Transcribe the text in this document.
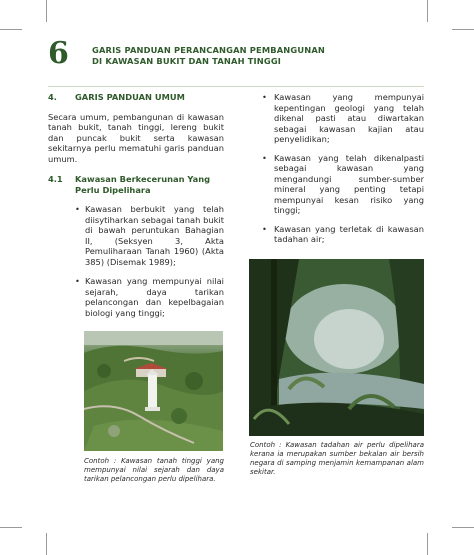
6	GARIS PANDUAN PERANCANGAN PEMBANGUNAN
DI KAWASAN BUKIT DAN TANAH TINGGI
4.	GARIS PANDUAN UMUM

Secara umum, pembangunan di kawasan tanah bukit, tanah tinggi, lereng bukit dan puncak bukit serta kawasan sekitarnya perlu mematuhi garis panduan umum.

4.1	Kawasan Berkecerunan Yang Perlu Dipelihara
• Kawasan berbukit yang telah diisytiharkan sebagai tanah bukit di bawah peruntukan Bahagian II, (Seksyen 3, Akta Pemuliharaan Tanah 1960) (Akta 385) (Disemak 1989);
• Kawasan yang mempunyai nilai sejarah, daya tarikan pelancongan dan kepelbagaian biologi yang tinggi;
Contoh : Kawasan tanah tinggi yang mempunyai nilai sejarah dan daya tarikan pelancongan perlu dipelihara.
• Kawasan yang mempunyai kepentingan geologi yang telah dikenal pasti atau diwartakan sebagai kawasan kajian atau penyelidikan;
• Kawasan yang telah dikenalpasti sebagai kawasan yang mengandungi sumber-sumber mineral yang penting tetapi mempunyai kesan risiko yang tinggi;
• Kawasan yang terletak di kawasan tadahan air;
Contoh : Kawasan tadahan air perlu dipelihara kerana ia merupakan sumber bekalan air bersih negara di samping menjamin kemampanan alam sekitar.
